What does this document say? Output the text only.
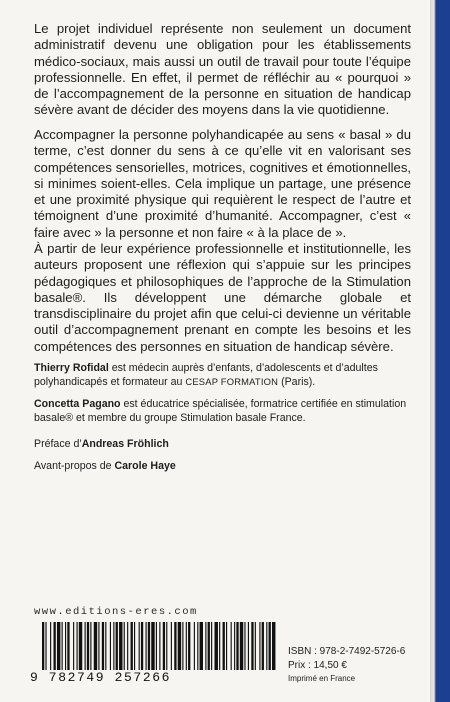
Le projet individuel représente non seulement un document administratif devenu une obligation pour les établissements médico-sociaux, mais aussi un outil de travail pour toute l’équipe professionnelle. En effet, il permet de réfléchir au « pourquoi » de l’accompagnement de la personne en situation de handicap sévère avant de décider des moyens dans la vie quotidienne.
Accompagner la personne polyhandicapée au sens « basal » du terme, c’est donner du sens à ce qu’elle vit en valorisant ses compétences sensorielles, motrices, cognitives et émotionnelles, si minimes soient-elles. Cela implique un partage, une présence et une proximité physique qui requièrent le respect de l’autre et témoignent d’une proximité d’humanité. Accompagner, c’est « faire avec » la personne et non faire « à la place de ».
À partir de leur expérience professionnelle et institutionnelle, les auteurs proposent une réflexion qui s’appuie sur les principes pédagogiques et philosophiques de l’approche de la Stimulation basale®. Ils développent une démarche globale et transdisciplinaire du projet afin que celui-ci devienne un véritable outil d’accompagnement prenant en compte les besoins et les compétences des personnes en situation de handicap sévère.
Thierry Rofidal est médecin auprès d’enfants, d’adolescents et d’adultes polyhandicapés et formateur au CESAP FORMATION (Paris).
Concetta Pagano est éducatrice spécialisée, formatrice certifiée en stimulation basale® et membre du groupe Stimulation basale France.
Préface d’Andreas Fröhlich
Avant-propos de Carole Haye
www.editions-eres.com
9 782749 257266
ISBN : 978-2-7492-5726-6
Prix : 14,50 €
Imprimé en France
